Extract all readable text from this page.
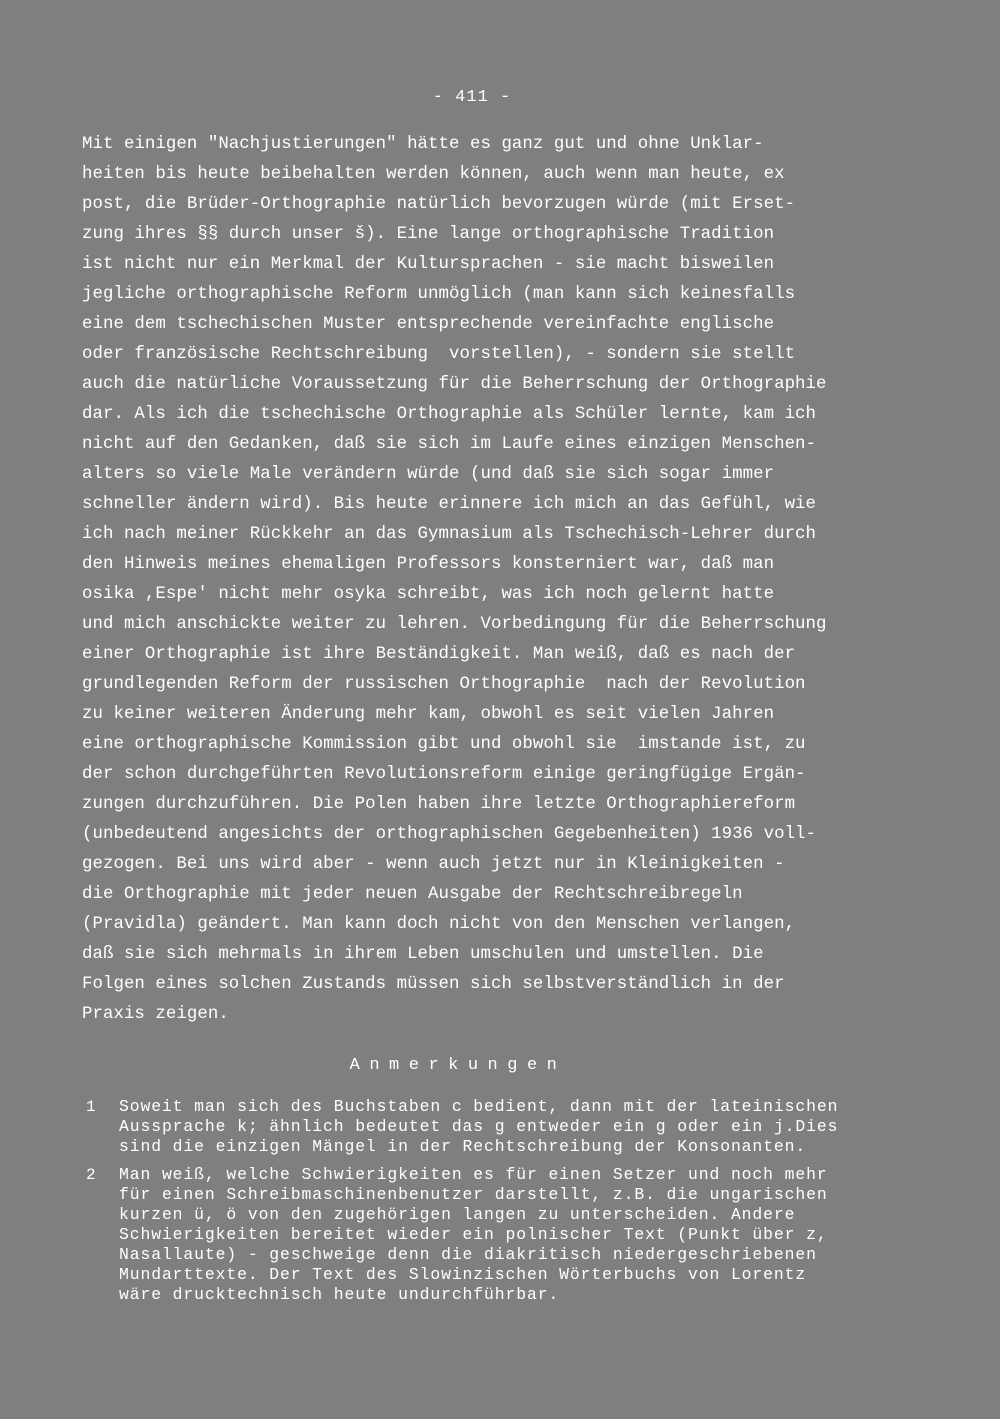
- 411 -
Mit einigen "Nachjustierungen" hätte es ganz gut und ohne Unklar-
heiten bis heute beibehalten werden können, auch wenn man heute, ex
post, die Brüder-Orthographie natürlich bevorzugen würde (mit Erset-
zung ihres §§ durch unser š). Eine lange orthographische Tradition
ist nicht nur ein Merkmal der Kultursprachen - sie macht bisweilen
jegliche orthographische Reform unmöglich (man kann sich keinesfalls
eine dem tschechischen Muster entsprechende vereinfachte englische
oder französische Rechtschreibung  vorstellen), - sondern sie stellt
auch die natürliche Voraussetzung für die Beherrschung der Orthographie
dar. Als ich die tschechische Orthographie als Schüler lernte, kam ich
nicht auf den Gedanken, daß sie sich im Laufe eines einzigen Menschen-
alters so viele Male verändern würde (und daß sie sich sogar immer
schneller ändern wird). Bis heute erinnere ich mich an das Gefühl, wie
ich nach meiner Rückkehr an das Gymnasium als Tschechisch-Lehrer durch
den Hinweis meines ehemaligen Professors konsterniert war, daß man
osika ,Espe' nicht mehr osyka schreibt, was ich noch gelernt hatte
und mich anschickte weiter zu lehren. Vorbedingung für die Beherrschung
einer Orthographie ist ihre Beständigkeit. Man weiß, daß es nach der
grundlegenden Reform der russischen Orthographie  nach der Revolution
zu keiner weiteren Änderung mehr kam, obwohl es seit vielen Jahren
eine orthographische Kommission gibt und obwohl sie  imstande ist, zu
der schon durchgeführten Revolutionsreform einige geringfügige Ergän-
zungen durchzuführen. Die Polen haben ihre letzte Orthographiereform
(unbedeutend angesichts der orthographischen Gegebenheiten) 1936 voll-
gezogen. Bei uns wird aber - wenn auch jetzt nur in Kleinigkeiten -
die Orthographie mit jeder neuen Ausgabe der Rechtschreibregeln
(Pravidla) geändert. Man kann doch nicht von den Menschen verlangen,
daß sie sich mehrmals in ihrem Leben umschulen und umstellen. Die
Folgen eines solchen Zustands müssen sich selbstverständlich in der
Praxis zeigen.
Anmerkungen
1 Soweit man sich des Buchstaben c bedient, dann mit der lateinischen
Aussprache k; ähnlich bedeutet das g entweder ein g oder ein j.Dies
sind die einzigen Mängel in der Rechtschreibung der Konsonanten.
2 Man weiß, welche Schwierigkeiten es für einen Setzer und noch mehr
für einen Schreibmaschinenbenutzer darstellt, z.B. die ungarischen
kurzen ü, ö von den zugehörigen langen zu unterscheiden. Andere
Schwierigkeiten bereitet wieder ein polnischer Text (Punkt über z,
Nasallaute) - geschweige denn die diakritisch niedergeschriebenen
Mundarttexte. Der Text des Slowinzischen Wörterbuchs von Lorentz
wäre drucktechnisch heute undurchführbar.
